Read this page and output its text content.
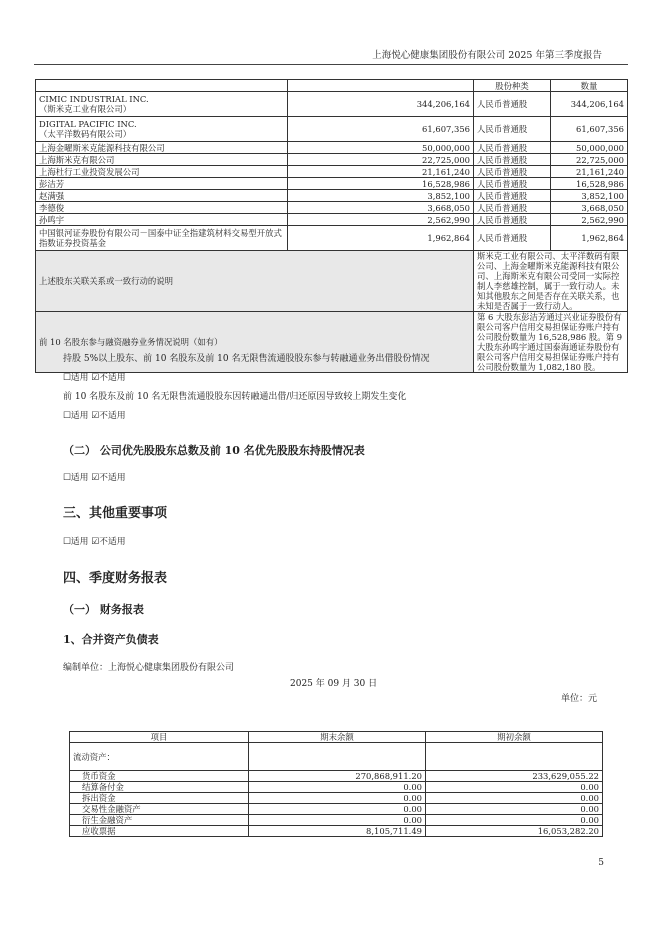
上海悦心健康集团股份有限公司 2025 年第三季度报告
		股份种类	数量

CIMIC INDUSTRIAL INC.
（斯米克工业有限公司）	344,206,164	人民币普通股	344,206,164

DIGITAL PACIFIC INC.
（太平洋数码有限公司）	61,607,356	人民币普通股	61,607,356
上海金曜斯米克能源科技有限公司	50,000,000	人民币普通股	50,000,000
上海斯米克有限公司	22,725,000	人民币普通股	22,725,000
上海杜行工业投资发展公司	21,161,240	人民币普通股	21,161,240
彭洁芳	16,528,986	人民币普通股	16,528,986
赵满强	3,852,100	人民币普通股	3,852,100
李德俊	3,668,050	人民币普通股	3,668,050
孙鸣宇	2,562,990	人民币普通股	2,562,990
中国银河证券股份有限公司－国泰中证全指建筑材料交易型开放式指数证券投资基金	1,962,864	人民币普通股	1,962,864
上述股东关联关系或一致行动的说明		斯米克工业有限公司、太平洋数码有限公司、上海金曜斯米克能源科技有限公司、上海斯米克有限公司受同一实际控制人李慈雄控制，属于一致行动人。未知其他股东之间是否存在关联关系，也未知是否属于一致行动人。	
前 10 名股东参与融资融券业务情况说明（如有）		第 6 大股东彭洁芳通过兴业证券股份有限公司客户信用交易担保证券账户持有公司股份数量为 16,528,986 股。第 9 大股东孙鸣宇通过国泰海通证券股份有限公司客户信用交易担保证券账户持有公司股份数量为 1,082,180 股。	
持股 5%以上股东、前 10 名股东及前 10 名无限售流通股股东参与转融通业务出借股份情况
☐适用 ☑不适用
前 10 名股东及前 10 名无限售流通股股东因转融通出借/归还原因导致较上期发生变化
☐适用 ☑不适用
（二） 公司优先股股东总数及前 10 名优先股股东持股情况表
☐适用 ☑不适用
三、其他重要事项
☐适用 ☑不适用
四、季度财务报表
（一） 财务报表
1、合并资产负债表
编制单位：上海悦心健康集团股份有限公司
2025 年 09 月 30 日
单位：元
项目	期末余额	期初余额
流动资产：		
货币资金	270,868,911.20	233,629,055.22
结算备付金	0.00	0.00
拆出资金	0.00	0.00
交易性金融资产	0.00	0.00
衍生金融资产	0.00	0.00
应收票据	8,105,711.49	16,053,282.20
5
